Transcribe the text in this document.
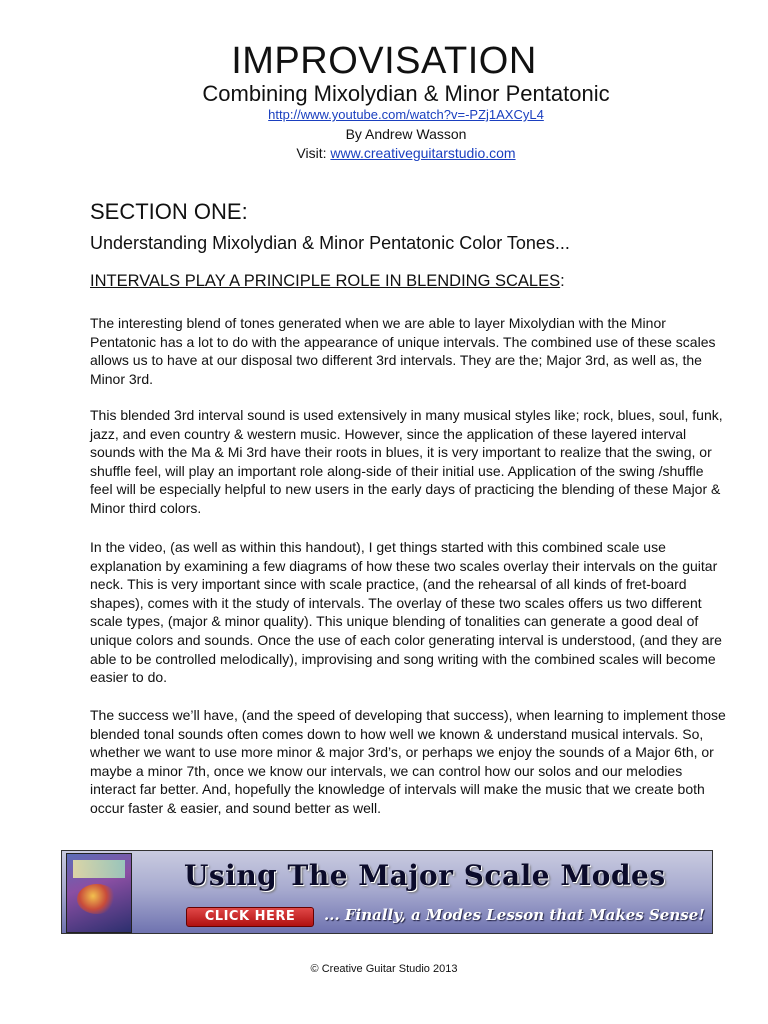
IMPROVISATION
Combining Mixolydian & Minor Pentatonic
http://www.youtube.com/watch?v=-PZj1AXCyL4
By Andrew Wasson
Visit: www.creativeguitarstudio.com
SECTION ONE:
Understanding Mixolydian & Minor Pentatonic Color Tones...
INTERVALS PLAY A PRINCIPLE ROLE IN BLENDING SCALES:

The interesting blend of tones generated when we are able to layer Mixolydian with the Minor Pentatonic has a lot to do with the appearance of unique intervals. The combined use of these scales allows us to have at our disposal two different 3rd intervals. They are the; Major 3rd, as well as, the Minor 3rd.

This blended 3rd interval sound is used extensively in many musical styles like; rock, blues, soul, funk, jazz, and even country & western music. However, since the application of these layered interval sounds with the Ma & Mi 3rd have their roots in blues, it is very important to realize that the swing, or shuffle feel, will play an important role along-side of their initial use. Application of the swing /shuffle feel will be especially helpful to new users in the early days of practicing the blending of these Major & Minor third colors.

In the video, (as well as within this handout), I get things started with this combined scale use explanation by examining a few diagrams of how these two scales overlay their intervals on the guitar neck. This is very important since with scale practice, (and the rehearsal of all kinds of fret-board shapes), comes with it the study of intervals. The overlay of these two scales offers us two different scale types, (major & minor quality). This unique blending of tonalities can generate a good deal of unique colors and sounds. Once the use of each color generating interval is understood, (and they are able to be controlled melodically), improvising and song writing with the combined scales will become easier to do.

The success we’ll have, (and the speed of developing that success), when learning to implement those blended tonal sounds often comes down to how well we known & understand musical intervals. So, whether we want to use more minor & major 3rd’s, or perhaps we enjoy the sounds of a Major 6th, or maybe a minor 7th, once we know our intervals, we can control how our solos and our melodies interact far better. And, hopefully the knowledge of intervals will make the music that we create both occur faster & easier, and sound better as well.

Using The Major Scale Modes
CLICK HERE	... Finally, a Modes Lesson that Makes Sense!
© Creative Guitar Studio 2013
